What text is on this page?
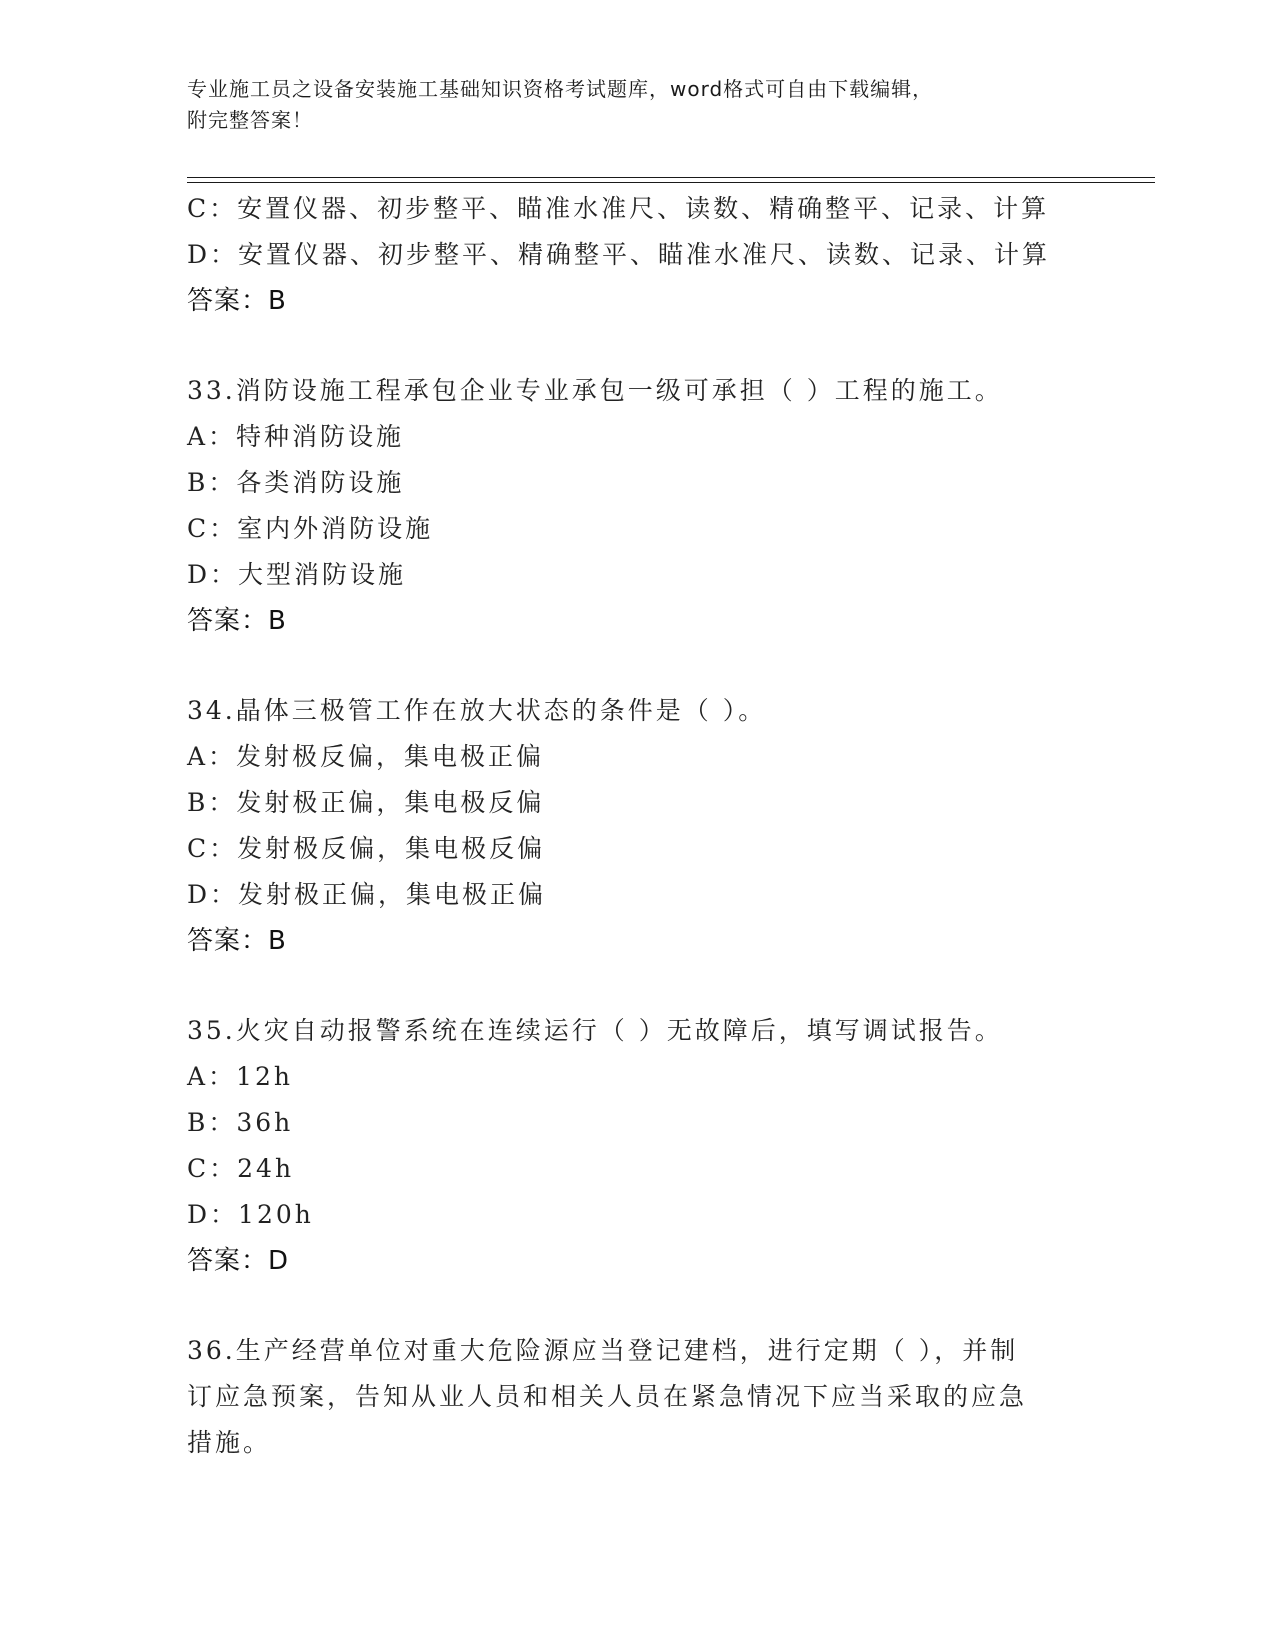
专业施工员之设备安装施工基础知识资格考试题库，word格式可自由下载编辑，
附完整答案！
C：安置仪器、初步整平、瞄准水准尺、读数、精确整平、记录、计算
D：安置仪器、初步整平、精确整平、瞄准水准尺、读数、记录、计算
答案：B
33.消防设施工程承包企业专业承包一级可承担（ ）工程的施工。
A：特种消防设施
B：各类消防设施
C：室内外消防设施
D：大型消防设施
答案：B
34.晶体三极管工作在放大状态的条件是（ ）。
A：发射极反偏，集电极正偏
B：发射极正偏，集电极反偏
C：发射极反偏，集电极反偏
D：发射极正偏，集电极正偏
答案：B
35.火灾自动报警系统在连续运行（ ）无故障后，填写调试报告。
A：12h
B：36h
C：24h
D：120h
答案：D
36.生产经营单位对重大危险源应当登记建档，进行定期（ ），并制
订应急预案，告知从业人员和相关人员在紧急情况下应当采取的应急
措施。
